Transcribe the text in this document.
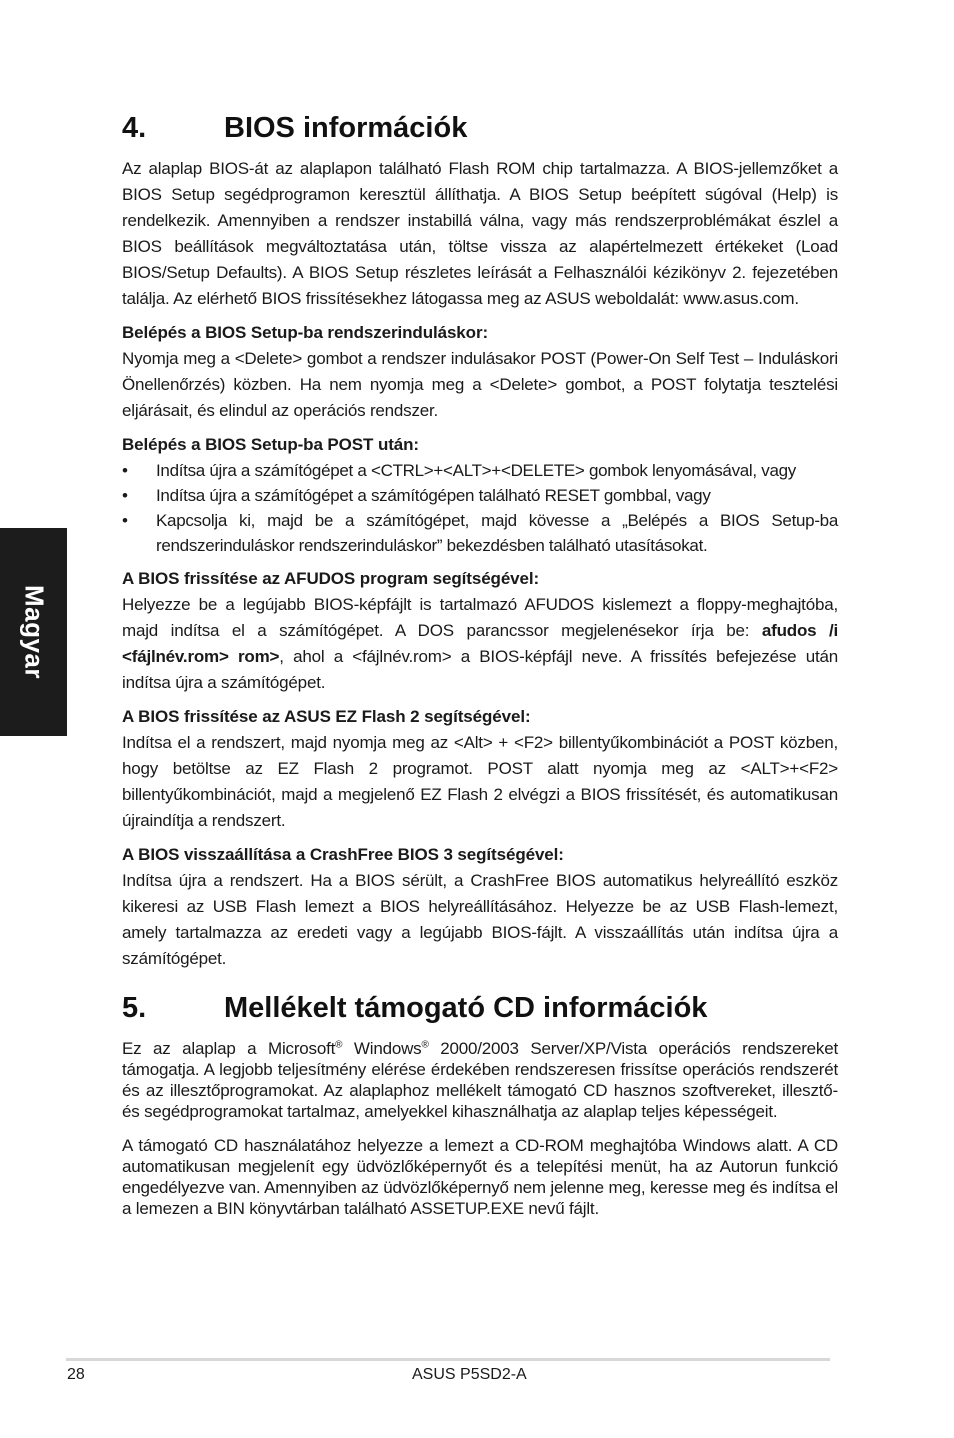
Magyar
4.	BIOS információk

Az alaplap BIOS-át az alaplapon található Flash ROM chip tartalmazza. A BIOS-jellemzőket a BIOS Setup segédprogramon keresztül állíthatja. A BIOS Setup beépített súgóval (Help) is rendelkezik. Amennyiben a rendszer instabillá válna, vagy más rendszerproblémákat észlel a BIOS beállítások megváltoztatása után, töltse vissza az alapértelmezett értékeket (Load BIOS/Setup Defaults). A BIOS Setup részletes leírását a Felhasználói kézikönyv 2. fejezetében találja. Az elérhető BIOS frissítésekhez látogassa meg az ASUS weboldalát: www.asus.com.

Belépés a BIOS Setup-ba rendszerinduláskor:

Nyomja meg a <Delete> gombot a rendszer indulásakor POST (Power-On Self Test – Induláskori Önellenőrzés) közben. Ha nem nyomja meg a <Delete> gombot, a POST folytatja tesztelési eljárásait, és elindul az operációs rendszer.

Belépés a BIOS Setup-ba POST után:
•	Indítsa újra a számítógépet a <CTRL>+<ALT>+<DELETE> gombok lenyomásával, vagy
•	Indítsa újra a számítógépet a számítógépen található RESET gombbal, vagy
•	Kapcsolja ki, majd be a számítógépet, majd kövesse a „Belépés a BIOS Setup-ba rendszerinduláskor rendszerinduláskor” bekezdésben található utasításokat.
A BIOS frissítése az AFUDOS program segítségével:

Helyezze be a legújabb BIOS-képfájlt is tartalmazó AFUDOS kislemezt a floppy-meghajtóba, majd indítsa el a számítógépet. A DOS parancssor megjelenésekor írja be: afudos /i <fájlnév.rom> rom>, ahol a <fájlnév.rom> a BIOS-képfájl neve. A frissítés befejezése után indítsa újra a számítógépet.

A BIOS frissítése az ASUS EZ Flash 2 segítségével:

Indítsa el a rendszert, majd nyomja meg az <Alt> + <F2> billentyűkombinációt a POST közben, hogy betöltse az EZ Flash 2 programot. POST alatt nyomja meg az <ALT>+<F2> billentyűkombinációt, majd a megjelenő EZ Flash 2 elvégzi a BIOS frissítését, és automatikusan újraindítja a rendszert.

A BIOS visszaállítása a CrashFree BIOS 3 segítségével:

Indítsa újra a rendszert. Ha a BIOS sérült, a CrashFree BIOS automatikus helyreállító eszköz kikeresi az USB Flash lemezt a BIOS helyreállításához. Helyezze be az USB Flash-lemezt, amely tartalmazza az eredeti vagy a legújabb BIOS-fájlt. A visszaállítás után indítsa újra a számítógépet.

5.	Mellékelt támogató CD információk

Ez az alaplap a Microsoft® Windows® 2000/2003 Server/XP/Vista operációs rendszereket támogatja. A legjobb teljesítmény elérése érdekében rendszeresen frissítse operációs rendszerét és az illesztőprogramokat. Az alaplaphoz mellékelt támogató CD hasznos szoftvereket, illesztő- és segédprogramokat tartalmaz, amelyekkel kihasználhatja az alaplap teljes képességeit.

A támogató CD használatához helyezze a lemezt a CD-ROM meghajtóba Windows alatt. A CD automatikusan megjelenít egy üdvözlőképernyőt és a telepítési menüt, ha az Autorun funkció engedélyezve van. Amennyiben az üdvözlőképernyő nem jelenne meg, keresse meg és indítsa el a lemezen a BIN könyvtárban található ASSETUP.EXE nevű fájlt.

28	ASUS P5SD2-A
